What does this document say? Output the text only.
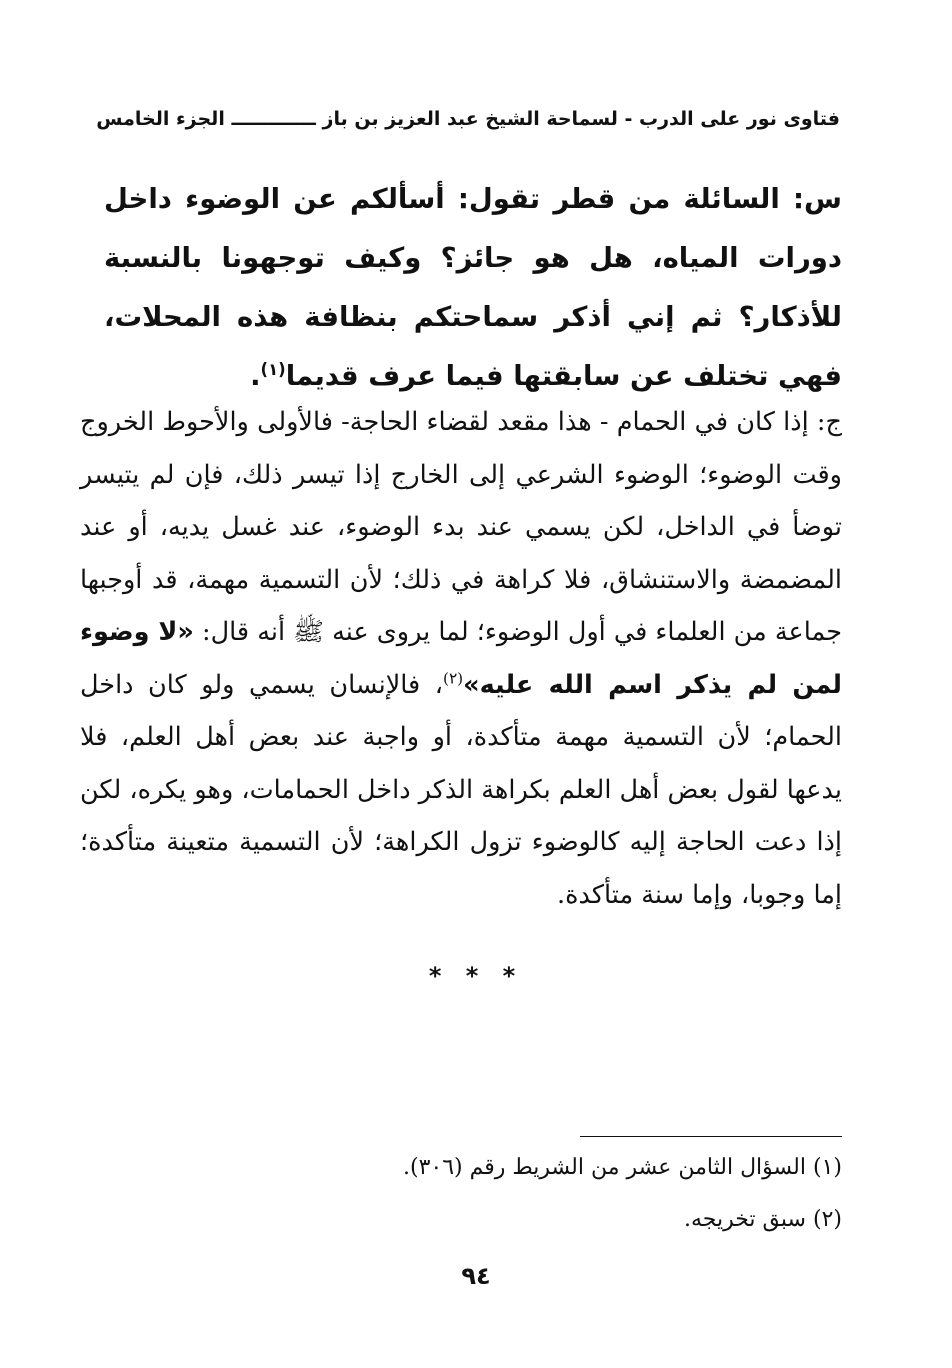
فتاوى نور على الدرب - لسماحة الشيخ عبد العزيز بن باز ـــــــــــــ الجزء الخامس
س: السائلة من قطر تقول: أسألكم عن الوضوء داخل دورات المياه، هل هو جائز؟ وكيف توجهونا بالنسبة للأذكار؟ ثم إني أذكر سماحتكم بنظافة هذه المحلات، فهي تختلف عن سابقتها فيما عرف قديما$^{(١)}$.
ج: إذا كان في الحمام - هذا مقعد لقضاء الحاجة- فالأولى والأحوط الخروج وقت الوضوء؛ الوضوء الشرعي إلى الخارج إذا تيسر ذلك، فإن لم يتيسر توضأ في الداخل، لكن يسمي عند بدء الوضوء، عند غسل يديه، أو عند المضمضة والاستنشاق، فلا كراهة في ذلك؛ لأن التسمية مهمة، قد أوجبها جماعة من العلماء في أول الوضوء؛ لما يروى عنه ﷺ أنه قال: «لا وضوء لمن لم يذكر اسم الله عليه»$^{(٢)}$، فالإنسان يسمي ولو كان داخل الحمام؛ لأن التسمية مهمة متأكدة، أو واجبة عند بعض أهل العلم، فلا يدعها لقول بعض أهل العلم بكراهة الذكر داخل الحمامات، وهو يكره، لكن إذا دعت الحاجة إليه كالوضوء تزول الكراهة؛ لأن التسمية متعينة متأكدة؛ إما وجوبا، وإما سنة متأكدة.
* * *
(١) السؤال الثامن عشر من الشريط رقم (٣٠٦).
(٢) سبق تخريجه.
٩٤
